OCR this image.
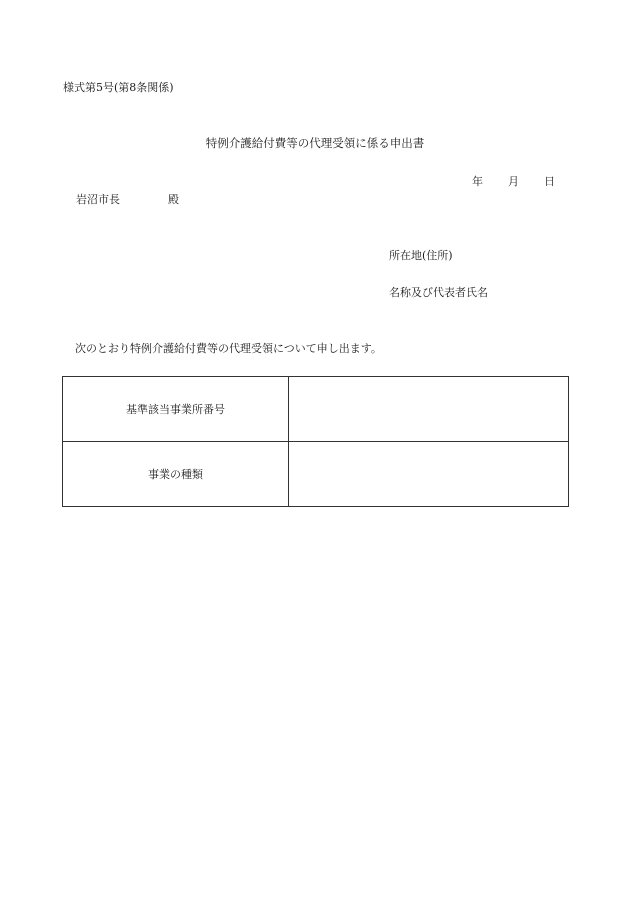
様式第5号(第8条関係)
特例介護給付費等の代理受領に係る申出書
年 月 日
岩沼市長	殿
所在地(住所)
名称及び代表者氏名
次のとおり特例介護給付費等の代理受領について申し出ます。
基準該当事業所番号	
事業の種類	
